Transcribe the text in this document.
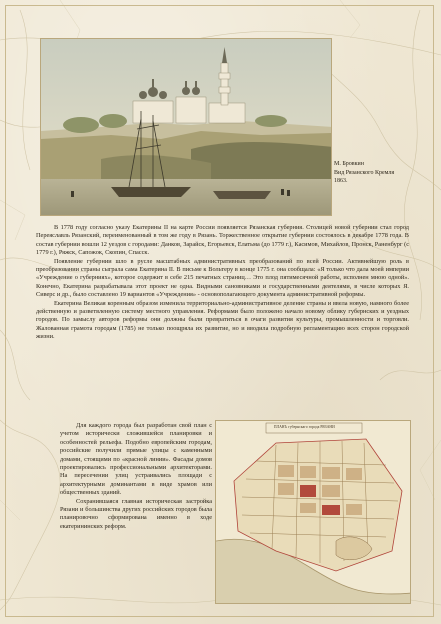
М. Бровкин
Вид Рязанского Кремля
1863.

В 1778 году согласно указу Екатерины II на карте России появляется Рязанская губерния. Столицей новой губернии стал город Переяславль Рязанский, переименованный в том же году в Рязань. Торжественное открытие губернии состоялось в декабре 1778 года. В состав губернии вошли 12 уездов с городами: Данков, Зарайск, Егорьевск, Елатьма (до 1779 г.), Касимов, Михайлов, Пронск, Раненбург (с 1779 г.), Ряжск, Сапожок, Скопин, Спасск.

Появление губернии шло в русле масштабных административных преобразований по всей России. Активнейшую роль в преобразовании страны сыграла сама Екатерина II. В письме к Вольтеру в конце 1775 г. она сообщала: «Я только что дала моей империи «Учреждение о губерниях», которое содержит в себе 215 печатных страниц… Это плод пятимесячной работы, исполнен мною одной». Конечно, Екатерина разрабатывала этот проект не одна. Видными сановниками и государственными деятелями, в числе которых Я. Сиверс и др., было составлено 19 вариантов «Учреждения» - основополагающего документа административной реформы.

Екатерина Великая коренным образом изменила территориально-административное деление страны и ввела новую, намного более действенную и разветвленную систему местного управления. Реформами было положено начало новому облику губернских и уездных городов. По замыслу авторов реформы они должны были превратиться в очаги развития культуры, промышленности и торговли. Жалованная грамота городам (1785) не только поощряла их развитие, но и вводила подробную регламентацию всех сторон городской жизни.

Для каждого города был разработан свой план с учетом исторически сложившейся планировки и особенностей рельефа. Подобно европейским городам, российские получили прямые улицы с каменными домами, стоящими по «красной линии». Фасады домов проектировались профессиональными архитекторами. На пересечении улиц устраивались площади с архитектурными доминантами в виде храмов или общественных зданий.

Сохранившаяся главная историческая застройка Рязани и большинства других российских городов была планировочно сформирована именно в ходе екатерининских реформ.

ПЛАНЪ губернскаго города РЯЗАНИ
